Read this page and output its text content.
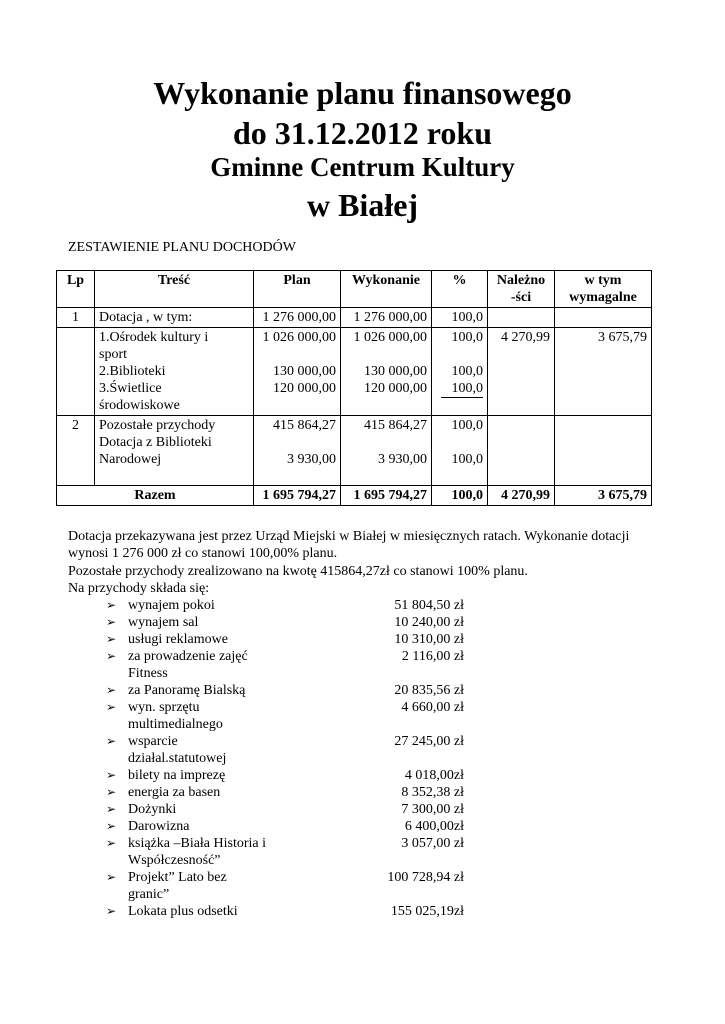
Wykonanie planu finansowego
do 31.12.2012 roku
Gminne Centrum Kultury
w Białej
ZESTAWIENIE PLANU DOCHODÓW
Lp	Treść	Plan	Wykonanie	%	Należno
-ści	w tym
wymagalne

1	Dotacja , w tym:	1 276 000,00	1 276 000,00	100,0		

	1.Ośrodek kultury i
sport
2.Biblioteki
3.Świetlice
środowiskowe	1 026 000,00
130 000,00
120 000,00	1 026 000,00
130 000,00
120 000,00	100,0
100,0
100,0	4 270,99	3 675,79
2	Pozostałe przychody
Dotacja z Biblioteki
Narodowej	415 864,27
3 930,00	415 864,27
3 930,00	100,0
100,0		

Razem		1 695 794,27	1 695 794,27	100,0	4 270,99	3 675,79
Dotacja przekazywana jest przez Urząd Miejski w Białej w miesięcznych ratach. Wykonanie dotacji wynosi 1 276 000 zł co stanowi 100,00% planu.
Pozostałe przychody zrealizowano na kwotę 415864,27zł co stanowi 100% planu.
Na przychody składa się:
➢ wynajem pokoi	51 804,50 zł
➢ wynajem sal	10 240,00 zł
➢ usługi reklamowe	10 310,00 zł
➢ za prowadzenie zajęć Fitness
2 116,00 zł
➢ za Panoramę Bialską	20 835,56 zł
➢ wyn. sprzętu multimedialnego
4 660,00 zł
➢ wsparcie działal.statutowej
27 245,00 zł
➢ bilety na imprezę	4 018,00zł
➢ energia za basen	8 352,38 zł
➢ Dożynki	7 300,00 zł
➢ Darowizna	6 400,00zł
➢ książka –Biała Historia i Współczesność”
3 057,00 zł
➢ Projekt” Lato bez granic”
100 728,94 zł
➢ Lokata plus odsetki	155 025,19zł
